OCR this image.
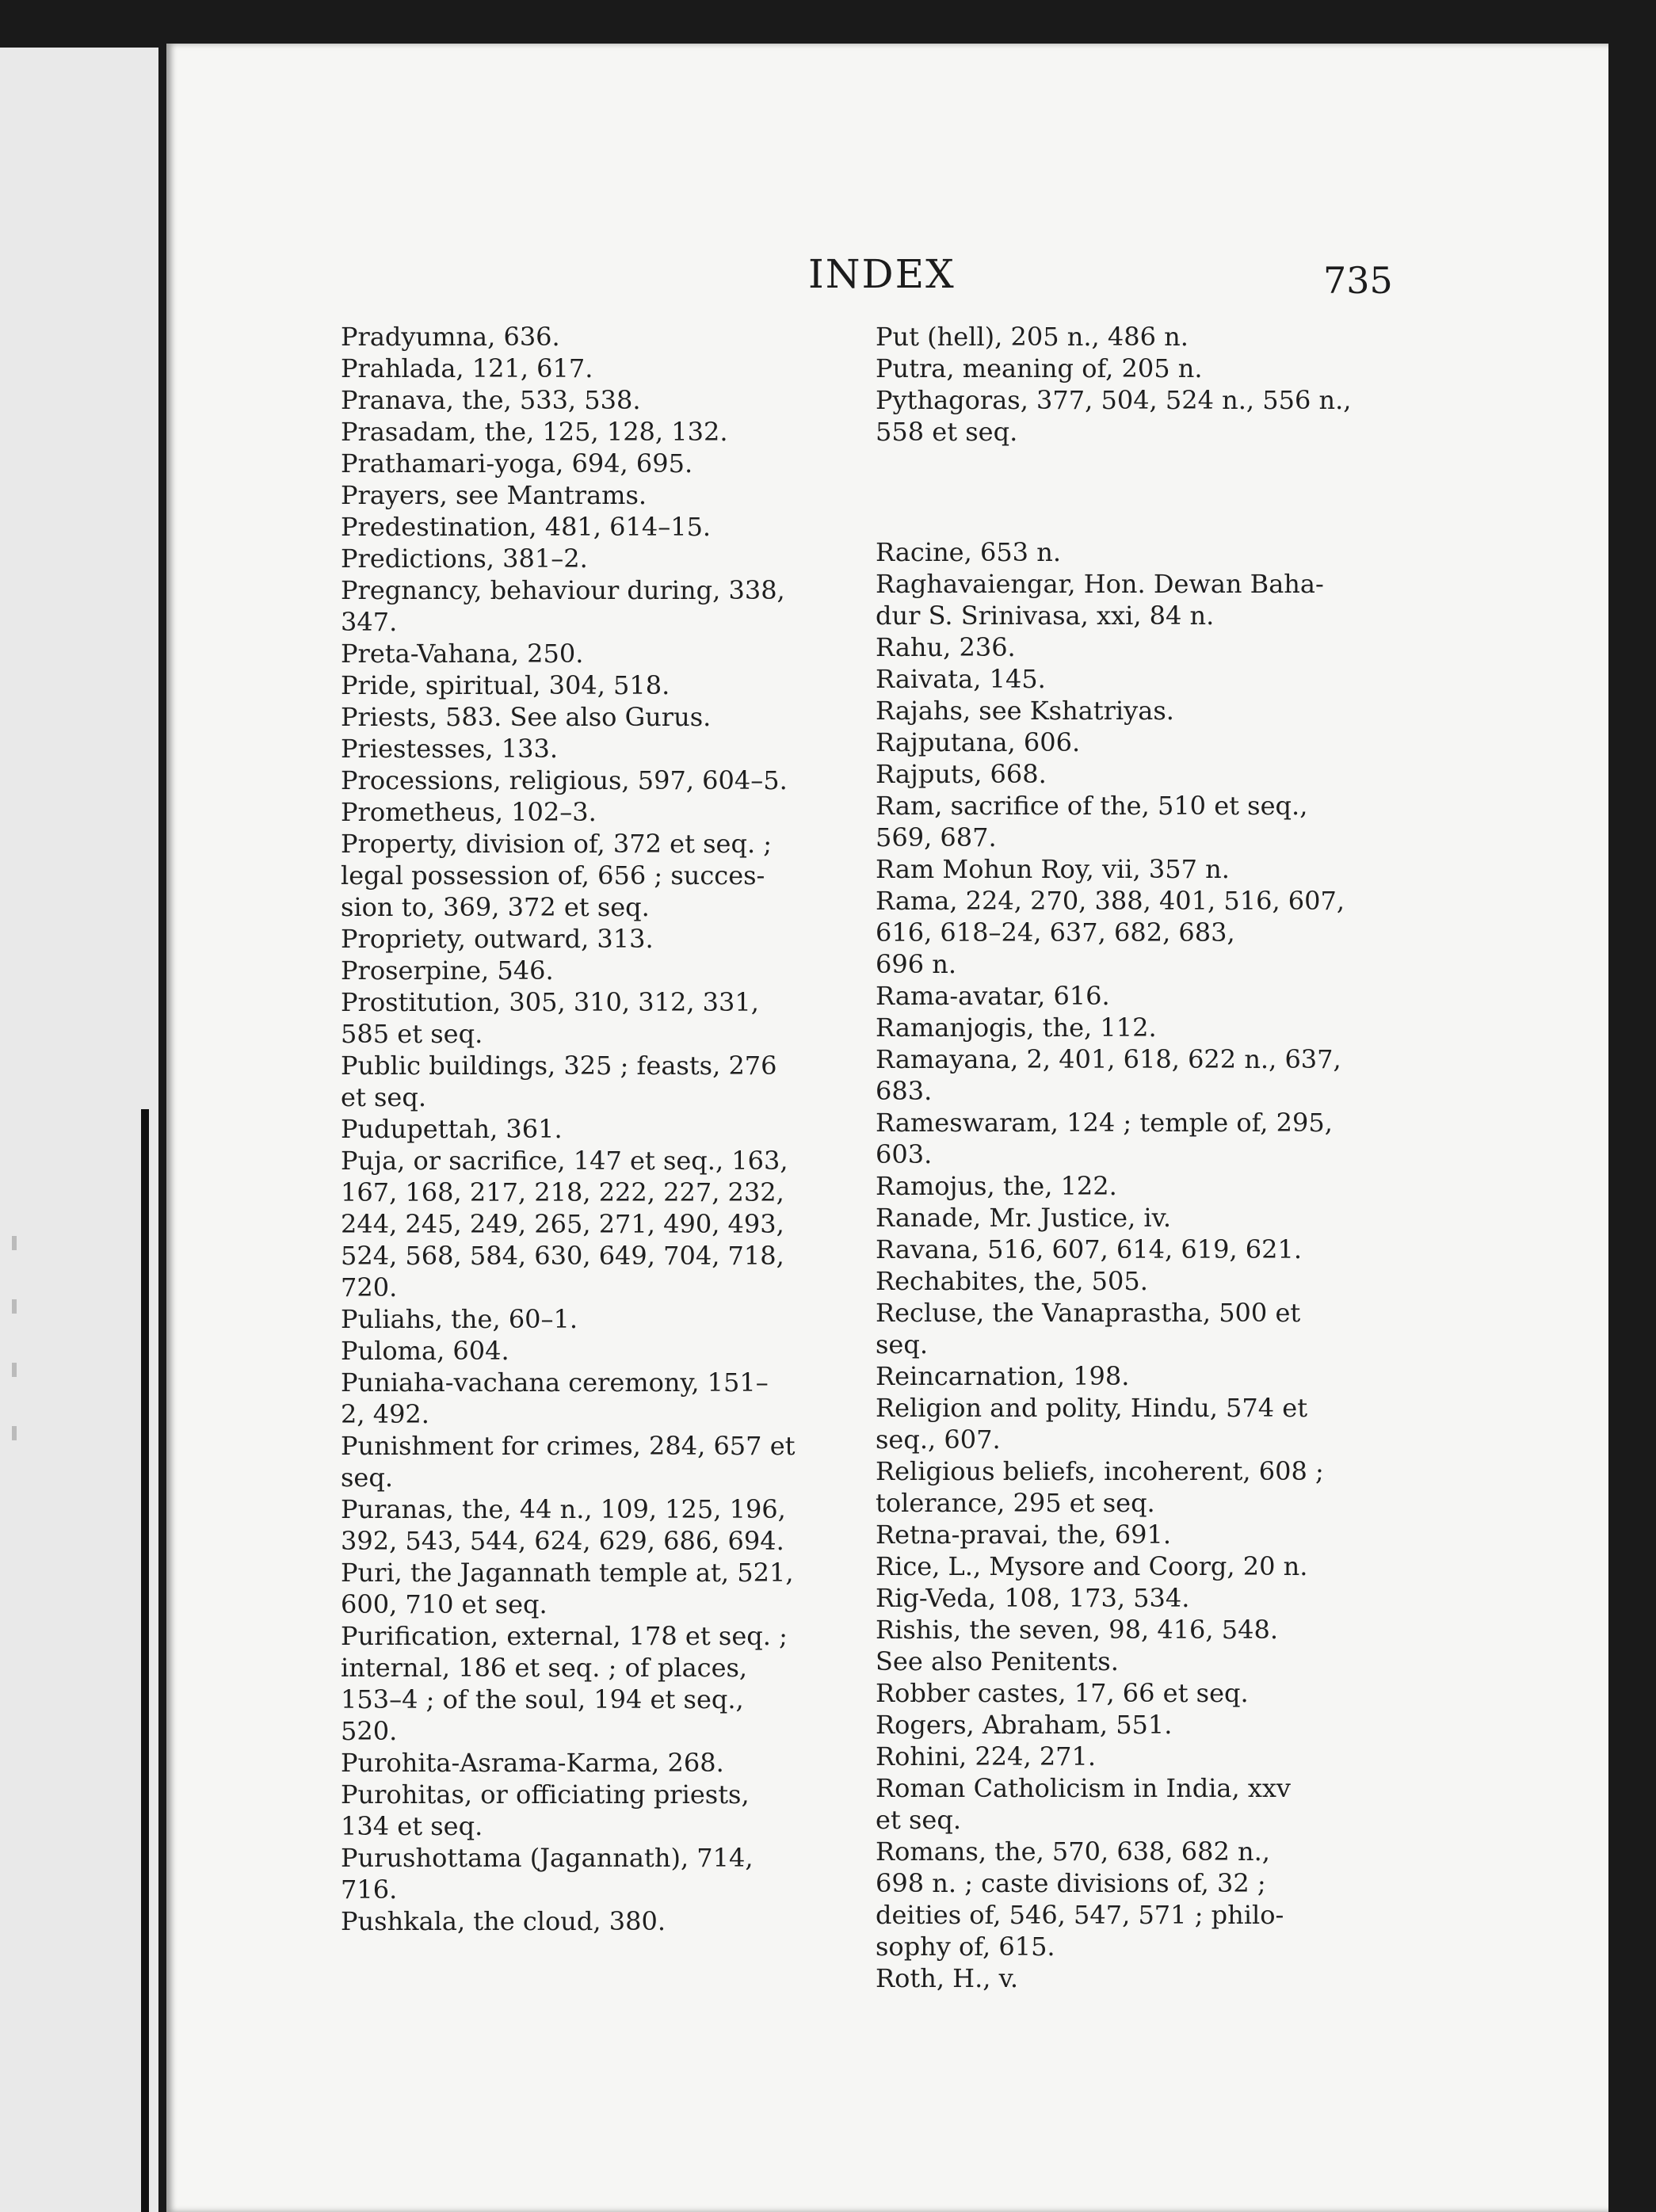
INDEX	735

Pradyumna, 636.

Prahlada, 121, 617.

Pranava, the, 533, 538.

Prasadam, the, 125, 128, 132.

Prathamari-yoga, 694, 695.

Prayers, see Mantrams.

Predestination, 481, 614–15.

Predictions, 381–2.

Pregnancy, behaviour during, 338,

347.

Preta-Vahana, 250.

Pride, spiritual, 304, 518.

Priests, 583. See also Gurus.

Priestesses, 133.

Processions, religious, 597, 604–5.

Prometheus, 102–3.

Property, division of, 372 et seq. ;

legal possession of, 656 ; succes-

sion to, 369, 372 et seq.

Propriety, outward, 313.

Proserpine, 546.

Prostitution, 305, 310, 312, 331,

585 et seq.

Public buildings, 325 ; feasts, 276

et seq.

Pudupettah, 361.

Puja, or sacrifice, 147 et seq., 163,

167, 168, 217, 218, 222, 227, 232,

244, 245, 249, 265, 271, 490, 493,

524, 568, 584, 630, 649, 704, 718,

720.

Puliahs, the, 60–1.

Puloma, 604.

Puniaha-vachana ceremony, 151–

2, 492.

Punishment for crimes, 284, 657 et

seq.

Puranas, the, 44 n., 109, 125, 196,

392, 543, 544, 624, 629, 686, 694.

Puri, the Jagannath temple at, 521,

600, 710 et seq.

Purification, external, 178 et seq. ;

internal, 186 et seq. ; of places,

153–4 ; of the soul, 194 et seq.,

520.

Purohita-Asrama-Karma, 268.

Purohitas, or officiating priests,

134 et seq.

Purushottama (Jagannath), 714,

716.

Pushkala, the cloud, 380.

Put (hell), 205 n., 486 n.

Putra, meaning of, 205 n.

Pythagoras, 377, 504, 524 n., 556 n.,

558 et seq.

Racine, 653 n.

Raghavaiengar, Hon. Dewan Baha-

dur S. Srinivasa, xxi, 84 n.

Rahu, 236.

Raivata, 145.

Rajahs, see Kshatriyas.

Rajputana, 606.

Rajputs, 668.

Ram, sacrifice of the, 510 et seq.,

569, 687.

Ram Mohun Roy, vii, 357 n.

Rama, 224, 270, 388, 401, 516, 607,

616, 618–24, 637, 682, 683,

696 n.

Rama-avatar, 616.

Ramanjogis, the, 112.

Ramayana, 2, 401, 618, 622 n., 637,

683.

Rameswaram, 124 ; temple of, 295,

603.

Ramojus, the, 122.

Ranade, Mr. Justice, iv.

Ravana, 516, 607, 614, 619, 621.

Rechabites, the, 505.

Recluse, the Vanaprastha, 500 et

seq.

Reincarnation, 198.

Religion and polity, Hindu, 574 et

seq., 607.

Religious beliefs, incoherent, 608 ;

tolerance, 295 et seq.

Retna-pravai, the, 691.

Rice, L., Mysore and Coorg, 20 n.

Rig-Veda, 108, 173, 534.

Rishis, the seven, 98, 416, 548.

See also Penitents.

Robber castes, 17, 66 et seq.

Rogers, Abraham, 551.

Rohini, 224, 271.

Roman Catholicism in India, xxv

et seq.

Romans, the, 570, 638, 682 n.,

698 n. ; caste divisions of, 32 ;

deities of, 546, 547, 571 ; philo-

sophy of, 615.

Roth, H., v.
